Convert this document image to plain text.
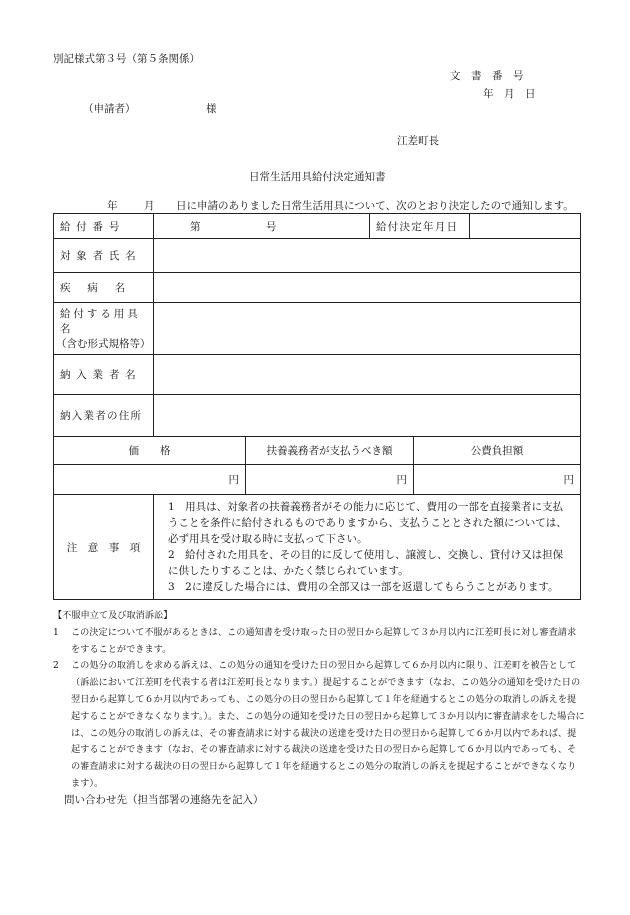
別記様式第３号（第５条関係）
文　書　番　号
年　月　日
（申請者）	様
江差町長
日常生活用具給付決定通知書
年	月 日に申請のありました日常生活用具について、次のとおり決定したので通知します。
給付番号	第 号		給付決定年月日		
対象者氏名					
疾病名					

給付する用具名
（含む形式規格等）					

納入業者名					
納入業者の住所					
価　　格		扶養義務者が支払うべき額		公費負担額	
円		円		円	
注　意　事　項	1　用具は、対象者の扶養義務者がその能力に応じて、費用の一部を直接業者に支払うことを条件に給付されるものでありますから、支払うこととされた額については、必ず用具を受け取る時に支払って下さい。

2　給付された用具を、その目的に反して使用し、譲渡し、交換し、貸付け又は担保に供したりすることは、かたく禁じられています。

3　2に違反した場合には、費用の全部又は一部を返還してもらうことがあります。				

【不服申立て及び取消訴訟】
1 この決定について不服があるときは、この通知書を受け取った日の翌日から起算して３か月以内に江差町長に対し審査請求をすることができます。
2 この処分の取消しを求める訴えは、この処分の通知を受けた日の翌日から起算して６か月以内に限り、江差町を被告として（訴訟において江差町を代表する者は江差町長となります。）提起することができます（なお、この処分の通知を受けた日の翌日から起算して６か月以内であっても、この処分の日の翌日から起算して１年を経過するとこの処分の取消しの訴えを提起することができなくなります。）。また、この処分の通知を受けた日の翌日から起算して３か月以内に審査請求をした場合には、この処分の取消しの訴えは、その審査請求に対する裁決の送達を受けた日の翌日から起算して６か月以内であれば、提起することができます（なお、その審査請求に対する裁決の送達を受けた日の翌日から起算して６か月以内であっても、その審査請求に対する裁決の日の翌日から起算して１年を経過するとこの処分の取消しの訴えを提起することができなくなります）。
問い合わせ先（担当部署の連絡先を記入）
